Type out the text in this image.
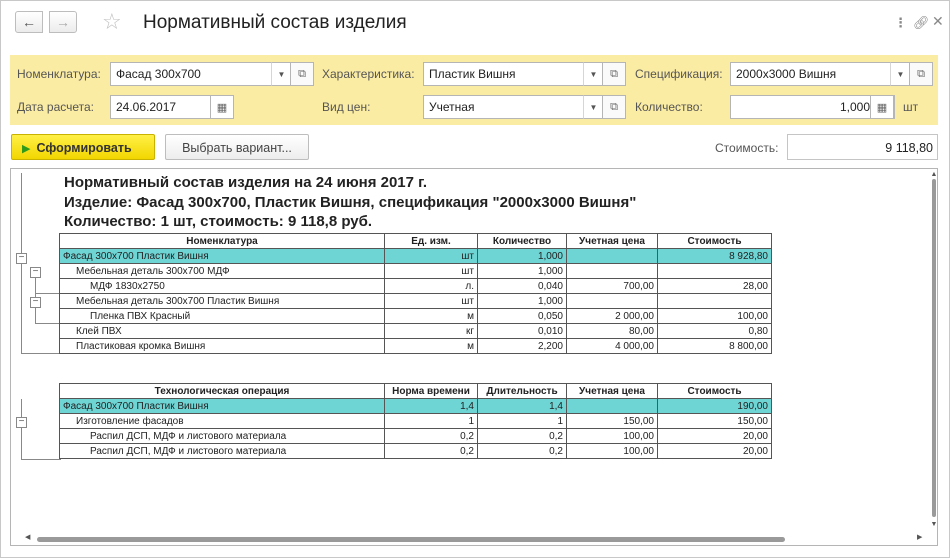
← → ☆ Нормативный состав изделия	⋮ 🔗︎ ✕
Номенклатура:	Фасад 300х700	▼	⧉	Характеристика:	Пластик Вишня	▼	⧉	Спецификация:	2000х3000 Вишня	▼	⧉
Дата расчета:	24.06.2017	▦	Вид цен:	Учетная	▼	⧉	Количество:	1,000 ▦	шт
▶ Сформировать	Выбрать вариант...	Стоимость:	9 118,80
−
−
−
−
Нормативный состав изделия на 24 июня 2017 г.
Изделие: Фасад 300х700, Пластик Вишня, спецификация "2000х3000 Вишня"
Количество: 1 шт, стоимость: 9 118,8 руб.
Номенклатура	Ед. изм.	Количество	Учетная цена	Стоимость
Фасад 300х700 Пластик Вишня	шт	1,000		8 928,80
Мебельная деталь 300х700 МДФ	шт	1,000		
МДФ 1830х2750	л.	0,040	700,00	28,00
Мебельная деталь 300х700 Пластик Вишня	шт	1,000		
Пленка ПВХ Красный	м	0,050	2 000,00	100,00
Клей ПВХ	кг	0,010	80,00	0,80
Пластиковая кромка Вишня	м	2,200	4 000,00	8 800,00
Технологическая операция	Норма времени	Длительность	Учетная цена	Стоимость
Фасад 300х700 Пластик Вишня	1,4	1,4		190,00
Изготовление фасадов	1	1	150,00	150,00
Распил ДСП, МДФ и листового материала	0,2	0,2	100,00	20,00
Распил ДСП, МДФ и листового материала	0,2	0,2	100,00	20,00
▲
▼
◀	▶
